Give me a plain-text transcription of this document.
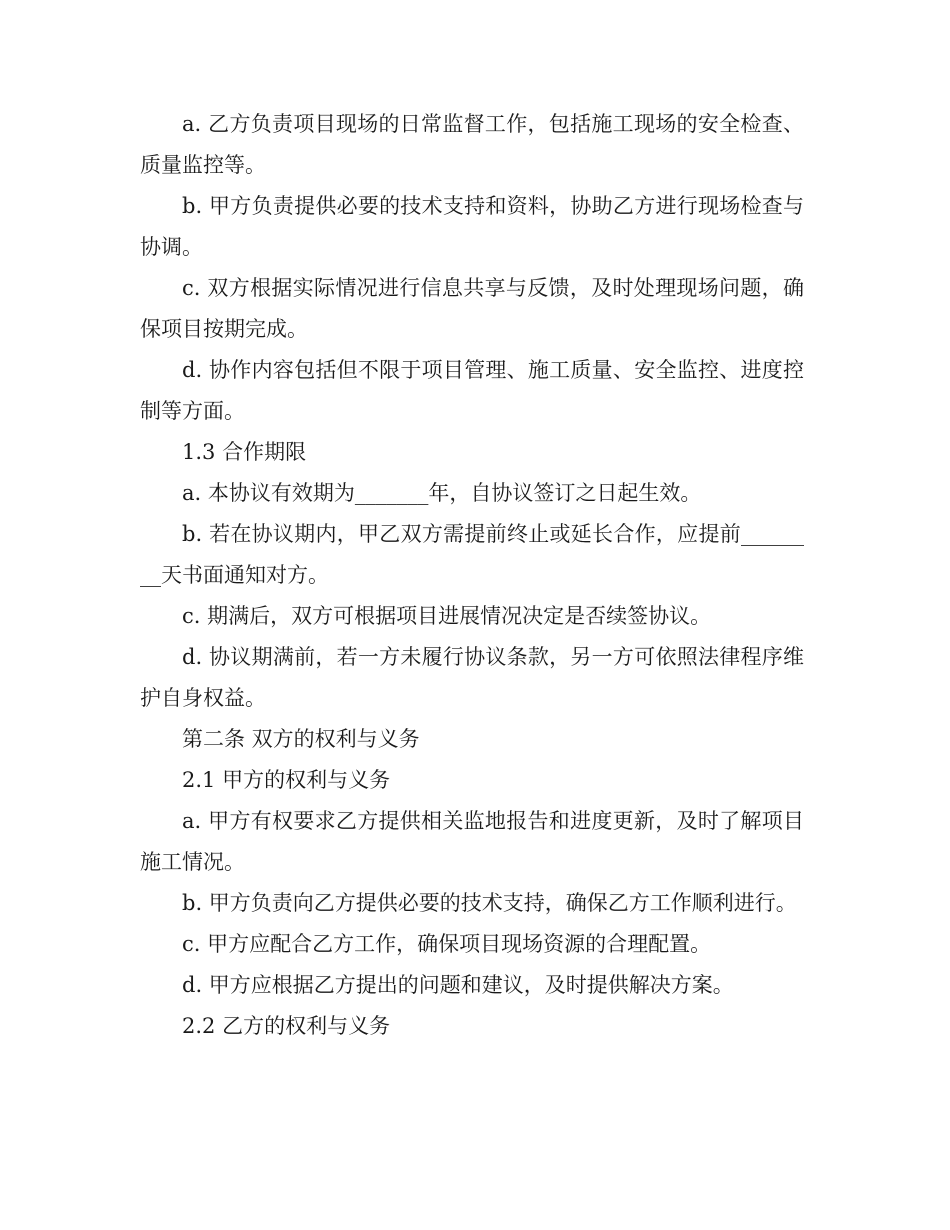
a. 乙方负责项目现场的日常监督工作，包括施工现场的安全检查、质量监控等。

b. 甲方负责提供必要的技术支持和资料，协助乙方进行现场检查与协调。

c. 双方根据实际情况进行信息共享与反馈，及时处理现场问题，确保项目按期完成。

d. 协作内容包括但不限于项目管理、施工质量、安全监控、进度控制等方面。

1.3 合作期限

a. 本协议有效期为_______年，自协议签订之日起生效。

b. 若在协议期内，甲乙双方需提前终止或延长合作，应提前________天书面通知对方。

c. 期满后，双方可根据项目进展情况决定是否续签协议。

d. 协议期满前，若一方未履行协议条款，另一方可依照法律程序维护自身权益。

第二条 双方的权利与义务

2.1 甲方的权利与义务

a. 甲方有权要求乙方提供相关监地报告和进度更新，及时了解项目施工情况。

b. 甲方负责向乙方提供必要的技术支持，确保乙方工作顺利进行。

c. 甲方应配合乙方工作，确保项目现场资源的合理配置。

d. 甲方应根据乙方提出的问题和建议，及时提供解决方案。

2.2 乙方的权利与义务
